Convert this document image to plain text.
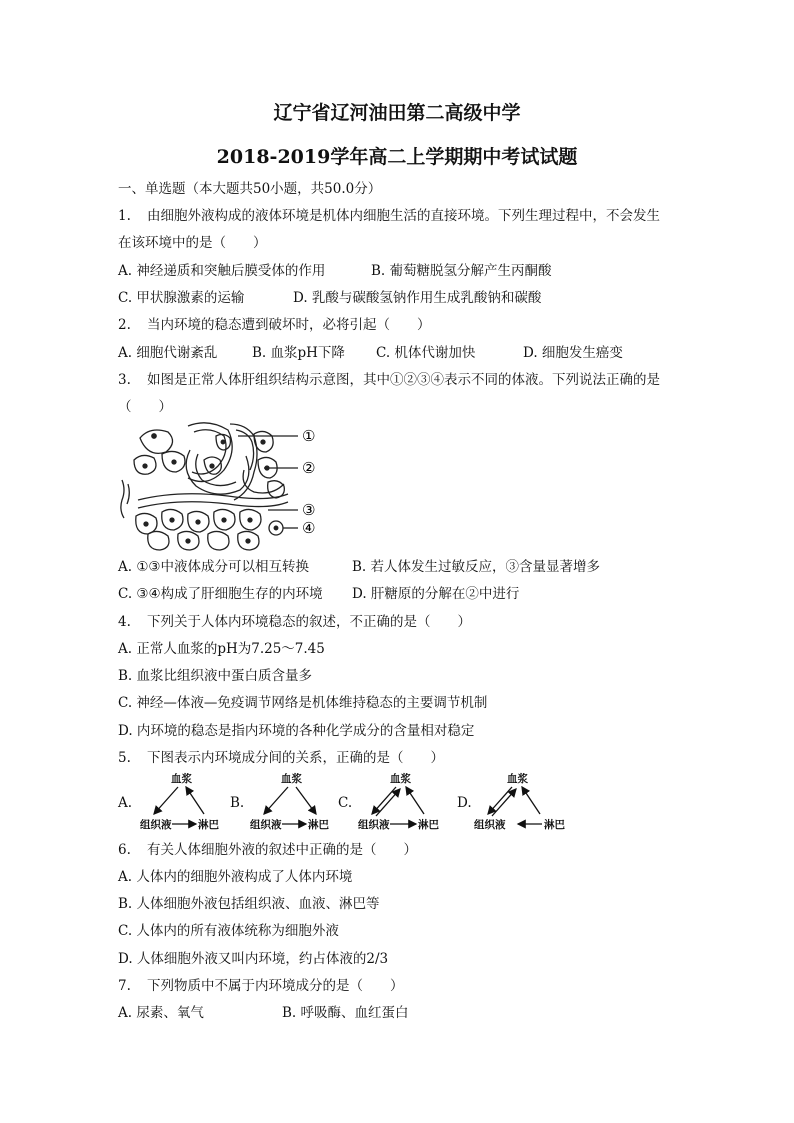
辽宁省辽河油田第二高级中学
2018-2019学年高二上学期期中考试试题
一、单选题（本大题共50小题，共50.0分）
1. 由细胞外液构成的液体环境是机体内细胞生活的直接环境。下列生理过程中，不会发生
在该环境中的是（　　）
A. 神经递质和突触后膜受体的作用	B. 葡萄糖脱氢分解产生丙酮酸
C. 甲状腺激素的运输	D. 乳酸与碳酸氢钠作用生成乳酸钠和碳酸
2. 当内环境的稳态遭到破坏时，必将引起（　　）
A. 细胞代谢紊乱	B. 血浆pH下降 C. 机体代谢加快	D. 细胞发生癌变
3. 如图是正常人体肝组织结构示意图，其中①②③④表示不同的体液。下列说法正确的是
（　　）
①
②
③
④
A. ①③中液体成分可以相互转换	B. 若人体发生过敏反应，③含量显著增多
C. ③④构成了肝细胞生存的内环境 D. 肝糖原的分解在②中进行
4. 下列关于人体内环境稳态的叙述，不正确的是（　　）
A. 正常人血浆的pH为7.25～7.45
B. 血浆比组织液中蛋白质含量多
C. 神经—体液—免疫调节网络是机体维持稳态的主要调节机制
D. 内环境的稳态是指内环境的各种化学成分的含量相对稳定
5. 下图表示内环境成分间的关系，正确的是（　　）
A.	B.	C.	D.
血浆
组织液	淋巴
血浆
组织液	淋巴
血浆
组织液	淋巴
血浆
组织液	淋巴
6. 有关人体细胞外液的叙述中正确的是（　　）
A. 人体内的细胞外液构成了人体内环境
B. 人体细胞外液包括组织液、血液、淋巴等
C. 人体内的所有液体统称为细胞外液
D. 人体细胞外液又叫内环境，约占体液的2/3
7. 下列物质中不属于内环境成分的是（　　）
A. 尿素、氧气	B. 呼吸酶、血红蛋白
